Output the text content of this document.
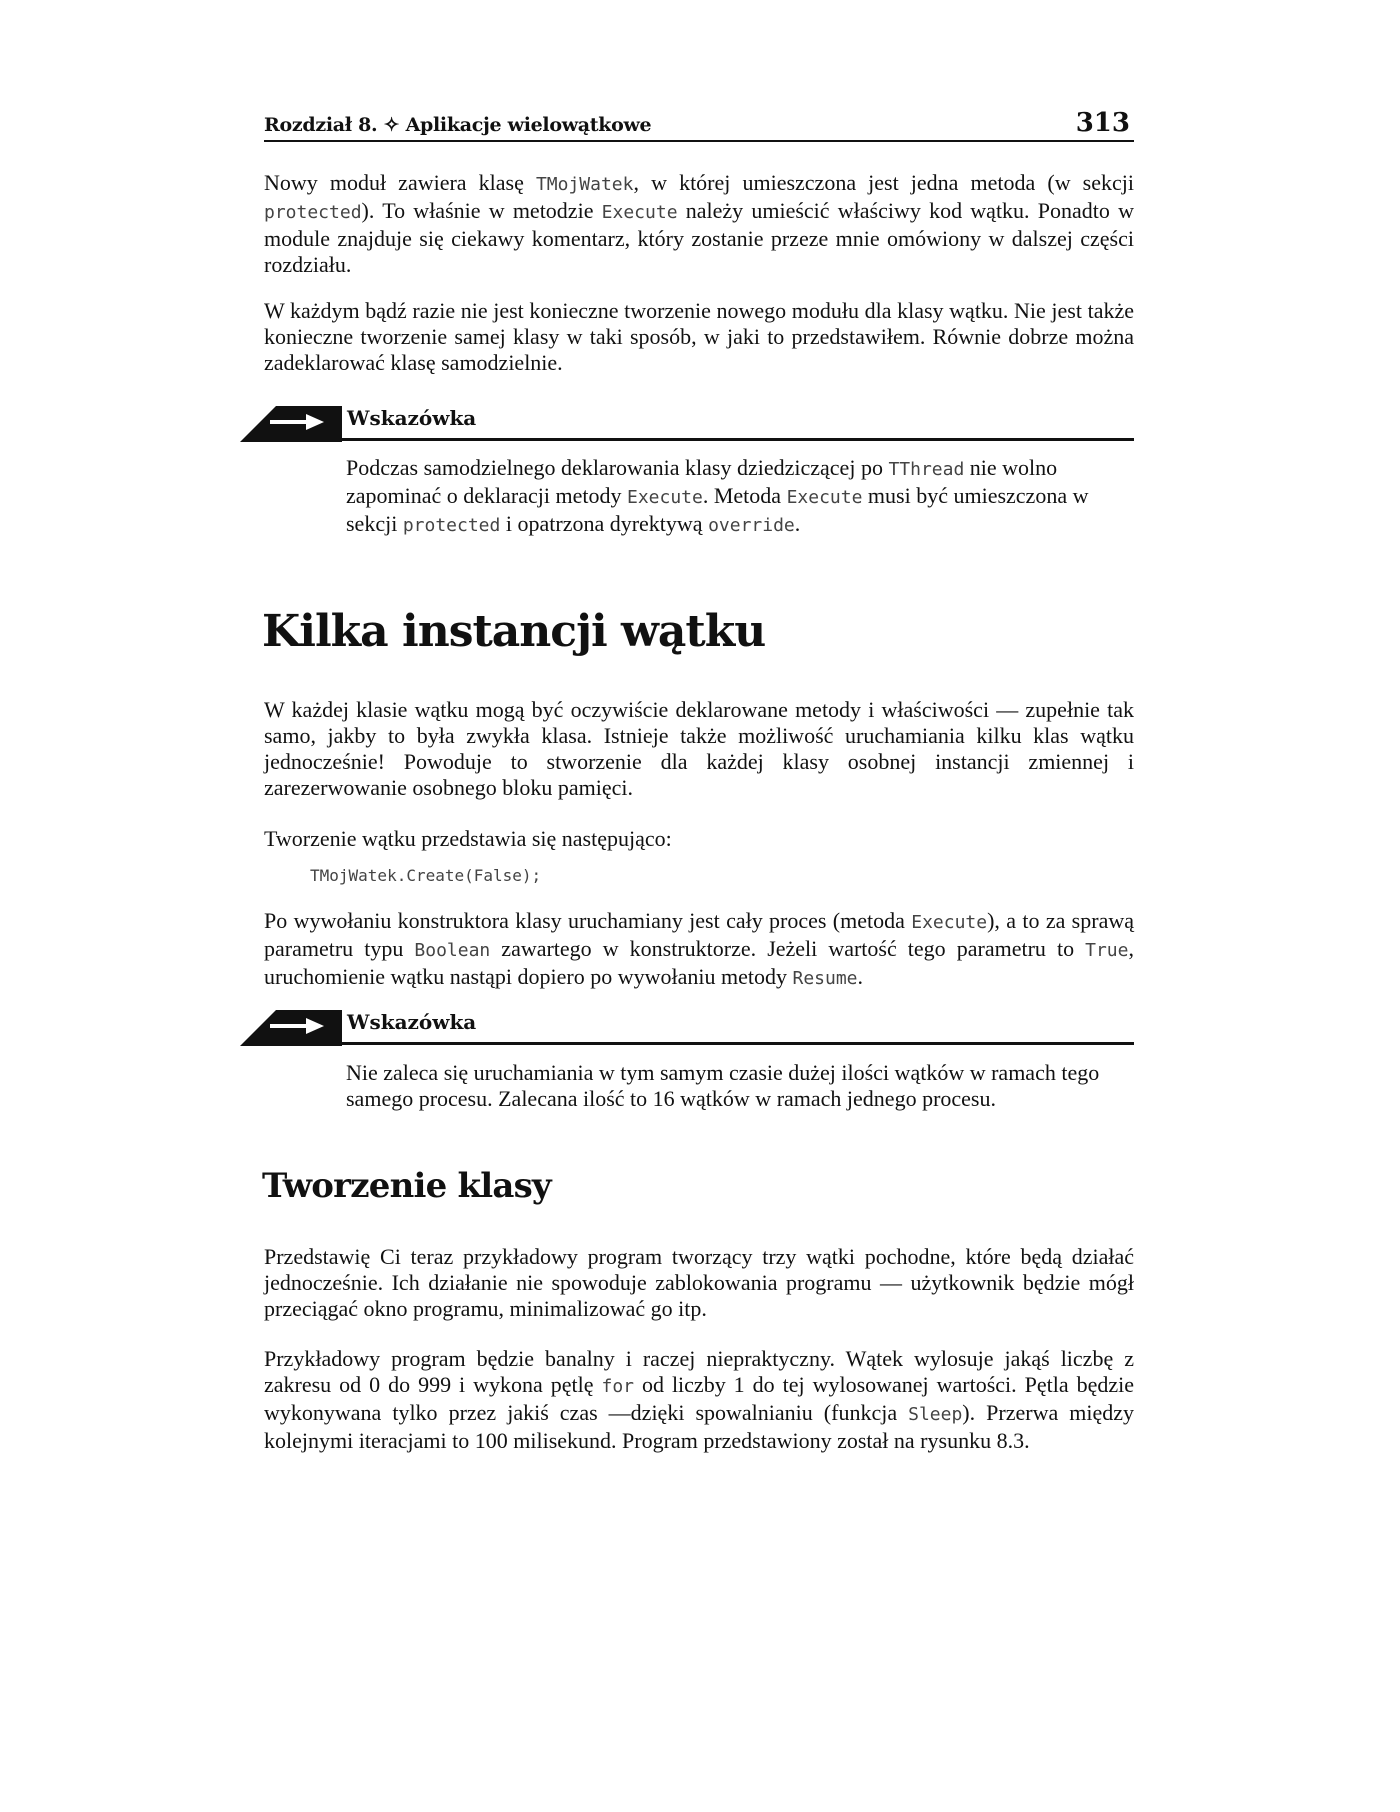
Rozdział 8. ✧ Aplikacje wielowątkowe	313
Nowy moduł zawiera klasę TMojWatek, w której umieszczona jest jedna metoda (w sekcji protected). To właśnie w metodzie Execute należy umieścić właściwy kod wątku. Ponadto w module znajduje się ciekawy komentarz, który zostanie przeze mnie omówiony w dalszej części rozdziału.
W każdym bądź razie nie jest konieczne tworzenie nowego modułu dla klasy wątku. Nie jest także konieczne tworzenie samej klasy w taki sposób, w jaki to przedstawiłem. Równie dobrze można zadeklarować klasę samodzielnie.
Wskazówka
Podczas samodzielnego deklarowania klasy dziedziczącej po TThread nie wolno zapominać o deklaracji metody Execute. Metoda Execute musi być umieszczona w sekcji protected i opatrzona dyrektywą override.
Kilka instancji wątku
W każdej klasie wątku mogą być oczywiście deklarowane metody i właściwości — zupełnie tak samo, jakby to była zwykła klasa. Istnieje także możliwość uruchamiania kilku klas wątku jednocześnie! Powoduje to stworzenie dla każdej klasy osobnej instancji zmiennej i zarezerwowanie osobnego bloku pamięci.
Tworzenie wątku przedstawia się następująco:
TMojWatek.Create(False);
Po wywołaniu konstruktora klasy uruchamiany jest cały proces (metoda Execute), a to za sprawą parametru typu Boolean zawartego w konstruktorze. Jeżeli wartość tego parametru to True, uruchomienie wątku nastąpi dopiero po wywołaniu metody Resume.
Wskazówka
Nie zaleca się uruchamiania w tym samym czasie dużej ilości wątków w ramach tego samego procesu. Zalecana ilość to 16 wątków w ramach jednego procesu.
Tworzenie klasy
Przedstawię Ci teraz przykładowy program tworzący trzy wątki pochodne, które będą działać jednocześnie. Ich działanie nie spowoduje zablokowania programu — użytkownik będzie mógł przeciągać okno programu, minimalizować go itp.
Przykładowy program będzie banalny i raczej niepraktyczny. Wątek wylosuje jakąś liczbę z zakresu od 0 do 999 i wykona pętlę for od liczby 1 do tej wylosowanej wartości. Pętla będzie wykonywana tylko przez jakiś czas —dzięki spowalnianiu (funkcja Sleep). Przerwa między kolejnymi iteracjami to 100 milisekund. Program przedstawiony został na rysunku 8.3.
